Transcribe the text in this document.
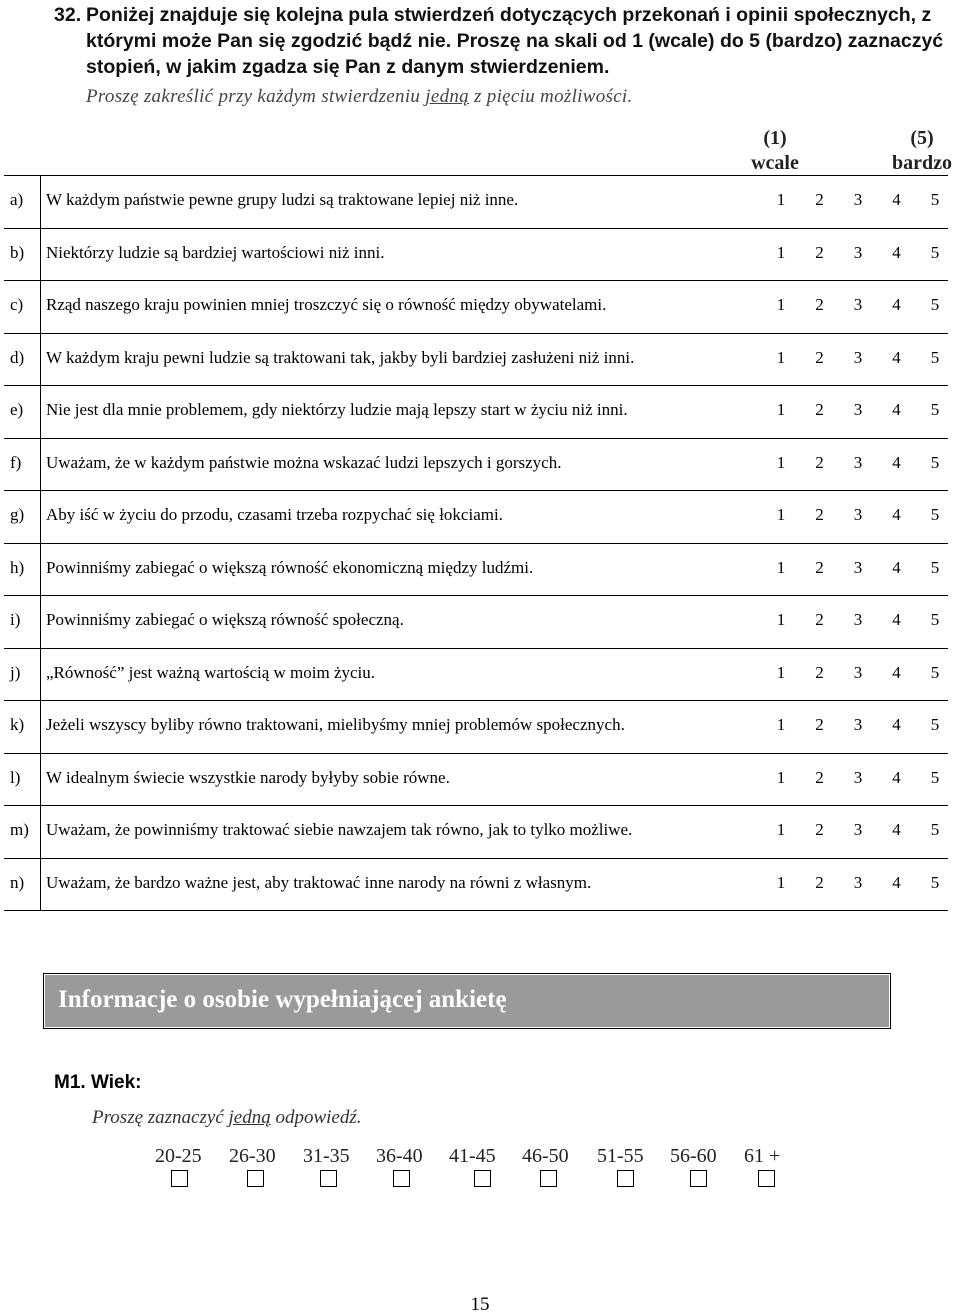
32. Poniżej znajduje się kolejna pula stwierdzeń dotyczących przekonań i opinii społecznych, z którymi może Pan się zgodzić bądź nie. Proszę na skali od 1 (wcale) do 5 (bardzo) zaznaczyć stopień, w jakim zgadza się Pan z danym stwierdzeniem.
Proszę zakreślić przy każdym stwierdzeniu jedną z pięciu możliwości.
(1)
wcale
(5)
bardzo
a) W każdym państwie pewne grupy ludzi są traktowane lepiej niż inne.	1 2 3 4 5
b) Niektórzy ludzie są bardziej wartościowi niż inni.	1 2 3 4 5
c) Rząd naszego kraju powinien mniej troszczyć się o równość między obywatelami.	1 2 3 4 5
d) W każdym kraju pewni ludzie są traktowani tak, jakby byli bardziej zasłużeni niż inni.	1 2 3 4 5
e) Nie jest dla mnie problemem, gdy niektórzy ludzie mają lepszy start w życiu niż inni.	1 2 3 4 5
f) Uważam, że w każdym państwie można wskazać ludzi lepszych i gorszych.	1 2 3 4 5
g) Aby iść w życiu do przodu, czasami trzeba rozpychać się łokciami.	1 2 3 4 5
h) Powinniśmy zabiegać o większą równość ekonomiczną między ludźmi.	1 2 3 4 5
i) Powinniśmy zabiegać o większą równość społeczną.	1 2 3 4 5
j) „Równość” jest ważną wartością w moim życiu.	1 2 3 4 5
k) Jeżeli wszyscy byliby równo traktowani, mielibyśmy mniej problemów społecznych.	1 2 3 4 5
l) W idealnym świecie wszystkie narody byłyby sobie równe.	1 2 3 4 5
m) Uważam, że powinniśmy traktować siebie nawzajem tak równo, jak to tylko możliwe.	1 2 3 4 5
n) Uważam, że bardzo ważne jest, aby traktować inne narody na równi z własnym.	1 2 3 4 5
Informacje o osobie wypełniającej ankietę
M1. Wiek:
Proszę zaznaczyć jedną odpowiedź.
20-25 26-30 31-35 36-40 41-45 46-50 51-55 56-60 61 +
15
